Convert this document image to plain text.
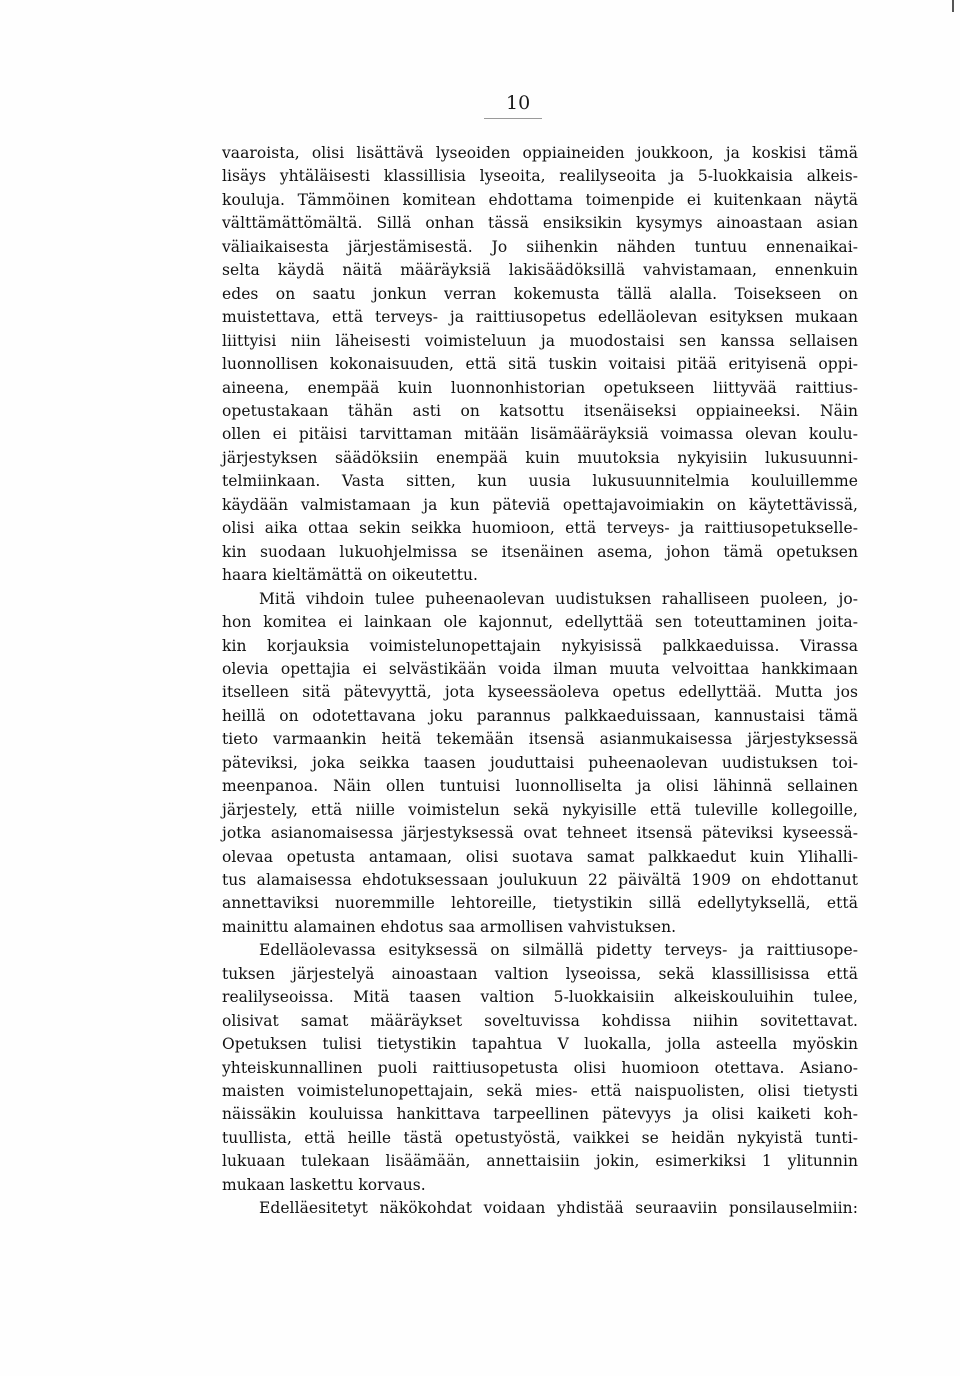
10
vaaroista, olisi lisättävä lyseoiden oppiaineiden joukkoon, ja koskisi tämä
lisäys yhtäläisesti klassillisia lyseoita, realilyseoita ja 5-luokkaisia alkeis-
kouluja. Tämmöinen komitean ehdottama toimenpide ei kuitenkaan näytä
välttämättömältä. Sillä onhan tässä ensiksikin kysymys ainoastaan asian
väliaikaisesta järjestämisestä. Jo siihenkin nähden tuntuu ennenaikai-
selta käydä näitä määräyksiä lakisäädöksillä vahvistamaan, ennenkuin
edes on saatu jonkun verran kokemusta tällä alalla. Toisekseen on
muistettava, että terveys- ja raittiusopetus edelläolevan esityksen mukaan
liittyisi niin läheisesti voimisteluun ja muodostaisi sen kanssa sellaisen
luonnollisen kokonaisuuden, että sitä tuskin voitaisi pitää erityisenä oppi-
aineena, enempää kuin luonnonhistorian opetukseen liittyvää raittius-
opetustakaan tähän asti on katsottu itsenäiseksi oppiaineeksi. Näin
ollen ei pitäisi tarvittaman mitään lisämääräyksiä voimassa olevan koulu-
järjestyksen säädöksiin enempää kuin muutoksia nykyisiin lukusuunni-
telmiinkaan. Vasta sitten, kun uusia lukusuunnitelmia kouluillemme
käydään valmistamaan ja kun päteviä opettajavoimiakin on käytettävissä,
olisi aika ottaa sekin seikka huomioon, että terveys- ja raittiusopetukselle-
kin suodaan lukuohjelmissa se itsenäinen asema, johon tämä opetuksen
haara kieltämättä on oikeutettu.
Mitä vihdoin tulee puheenaolevan uudistuksen rahalliseen puoleen, jo-
hon komitea ei lainkaan ole kajonnut, edellyttää sen toteuttaminen joita-
kin korjauksia voimistelunopettajain nykyisissä palkkaeduissa. Virassa
olevia opettajia ei selvästikään voida ilman muuta velvoittaa hankkimaan
itselleen sitä pätevyyttä, jota kyseessäoleva opetus edellyttää. Mutta jos
heillä on odotettavana joku parannus palkkaeduissaan, kannustaisi tämä
tieto varmaankin heitä tekemään itsensä asianmukaisessa järjestyksessä
päteviksi, joka seikka taasen jouduttaisi puheenaolevan uudistuksen toi-
meenpanoa. Näin ollen tuntuisi luonnolliselta ja olisi lähinnä sellainen
järjestely, että niille voimistelun sekä nykyisille että tuleville kollegoille,
jotka asianomaisessa järjestyksessä ovat tehneet itsensä päteviksi kyseessä-
olevaa opetusta antamaan, olisi suotava samat palkkaedut kuin Ylihalli-
tus alamaisessa ehdotuksessaan joulukuun 22 päivältä 1909 on ehdottanut
annettaviksi nuoremmille lehtoreille, tietystikin sillä edellytyksellä, että
mainittu alamainen ehdotus saa armollisen vahvistuksen.
Edelläolevassa esityksessä on silmällä pidetty terveys- ja raittiusope-
tuksen järjestelyä ainoastaan valtion lyseoissa, sekä klassillisissa että
realilyseoissa. Mitä taasen valtion 5-luokkaisiin alkeiskouluihin tulee,
olisivat samat määräykset soveltuvissa kohdissa niihin sovitettavat.
Opetuksen tulisi tietystikin tapahtua V luokalla, jolla asteella myöskin
yhteiskunnallinen puoli raittiusopetusta olisi huomioon otettava. Asiano-
maisten voimistelunopettajain, sekä mies- että naispuolisten, olisi tietysti
näissäkin kouluissa hankittava tarpeellinen pätevyys ja olisi kaiketi koh-
tuullista, että heille tästä opetustyöstä, vaikkei se heidän nykyistä tunti-
lukuaan tulekaan lisäämään, annettaisiin jokin, esimerkiksi 1 ylitunnin
mukaan laskettu korvaus.
Edelläesitetyt näkökohdat voidaan yhdistää seuraaviin ponsilauselmiin:
